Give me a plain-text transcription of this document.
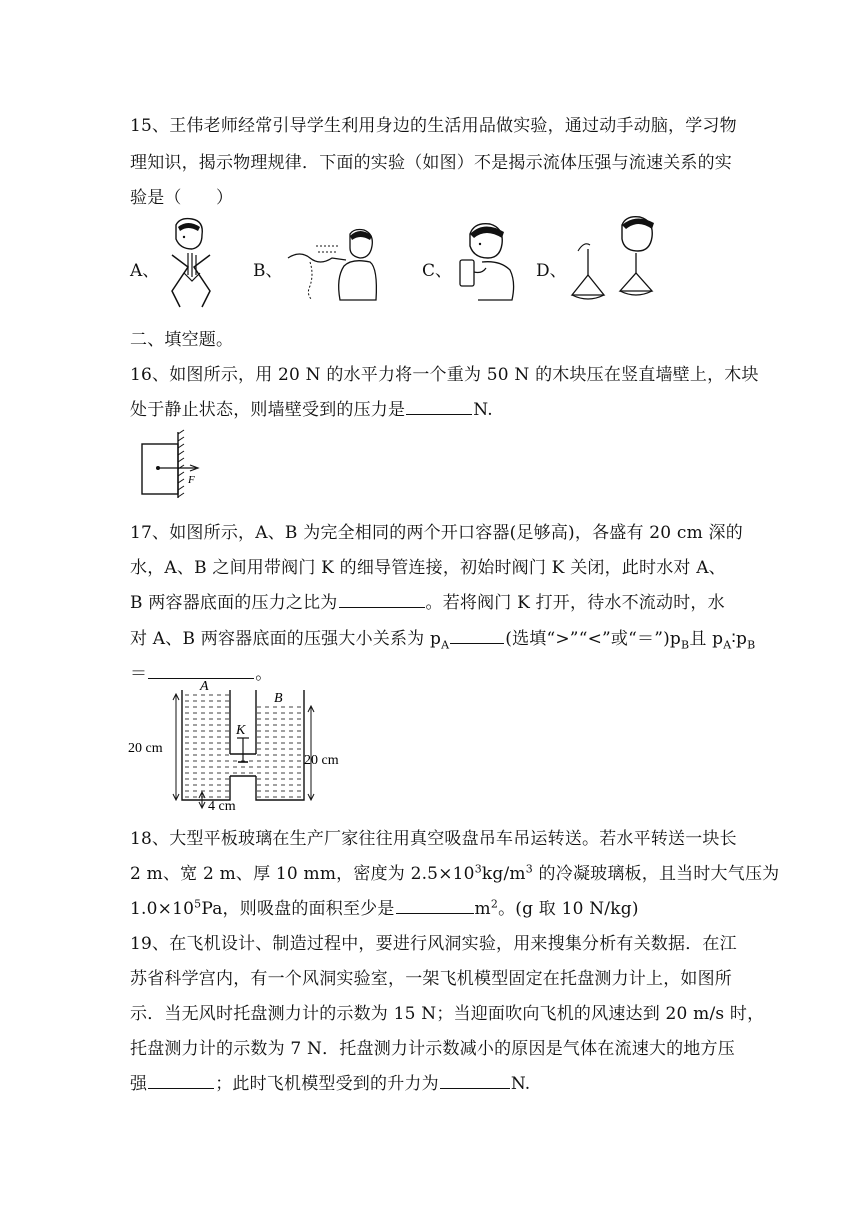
15、王伟老师经常引导学生利用身边的生活用品做实验，通过动手动脑，学习物
理知识，揭示物理规律．下面的实验（如图）不是揭示流体压强与流速关系的实
验是（　　）
A、	B、	C、	D、
二、填空题。
16、如图所示，用 20 N 的水平力将一个重为 50 N 的木块压在竖直墙壁上，木块
处于静止状态，则墙壁受到的压力是	N.
F
17、如图所示，A、B 为完全相同的两个开口容器(足够高)，各盛有 20 cm 深的
水，A、B 之间用带阀门 K 的细导管连接，初始时阀门 K 关闭，此时水对 A、
B 两容器底面的压力之比为	。若将阀门 K 打开，待水不流动时，水
对 A、B 两容器底面的压强大小关系为 $p_A$	(选填“>”“<”或“$=”)p_B$且 $p_A∶p_B$
＝	。
A
B
K
20 cm
20 cm
4 cm
18、大型平板玻璃在生产厂家往往用真空吸盘吊车吊运转送。若水平转送一块长
2 m、宽 2 m、厚 10 mm，密度为 $2.5\times 10^3kg/m^3$ 的冷凝玻璃板，且当时大气压为
$1.0\times 10^5Pa$，则吸盘的面积至少是	$m^2$。(g 取 10 N/kg)
19、在飞机设计、制造过程中，要进行风洞实验，用来搜集分析有关数据．在江
苏省科学宫内，有一个风洞实验室，一架飞机模型固定在托盘测力计上，如图所
示．当无风时托盘测力计的示数为 15 N；当迎面吹向飞机的风速达到 20 m/s 时，
托盘测力计的示数为 7 N．托盘测力计示数减小的原因是气体在流速大的地方压
强	；此时飞机模型受到的升力为	N.
